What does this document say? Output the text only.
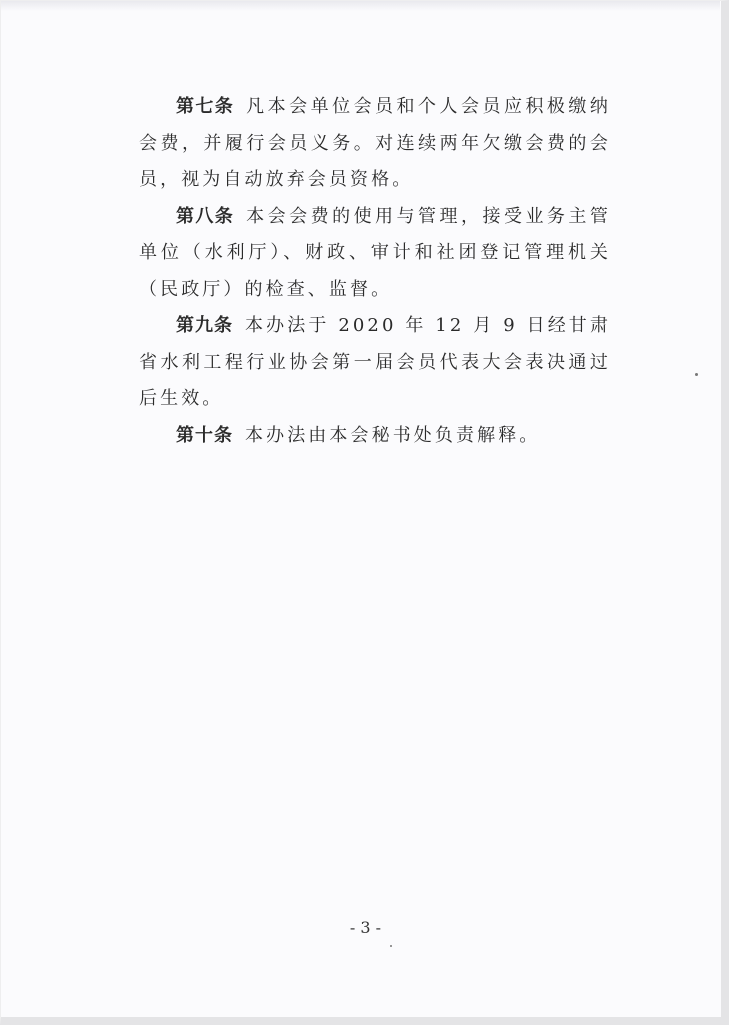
第七条 凡本会单位会员和个人会员应积极缴纳会费，并履行会员义务。对连续两年欠缴会费的会员，视为自动放弃会员资格。

第八条 本会会费的使用与管理，接受业务主管单位（水利厅）、财政、审计和社团登记管理机关（民政厅）的检查、监督。

第九条 本办法于 2020 年 12 月 9 日经甘肃省水利工程行业协会第一届会员代表大会表决通过后生效。

第十条 本办法由本会秘书处负责解释。

- 3 -
